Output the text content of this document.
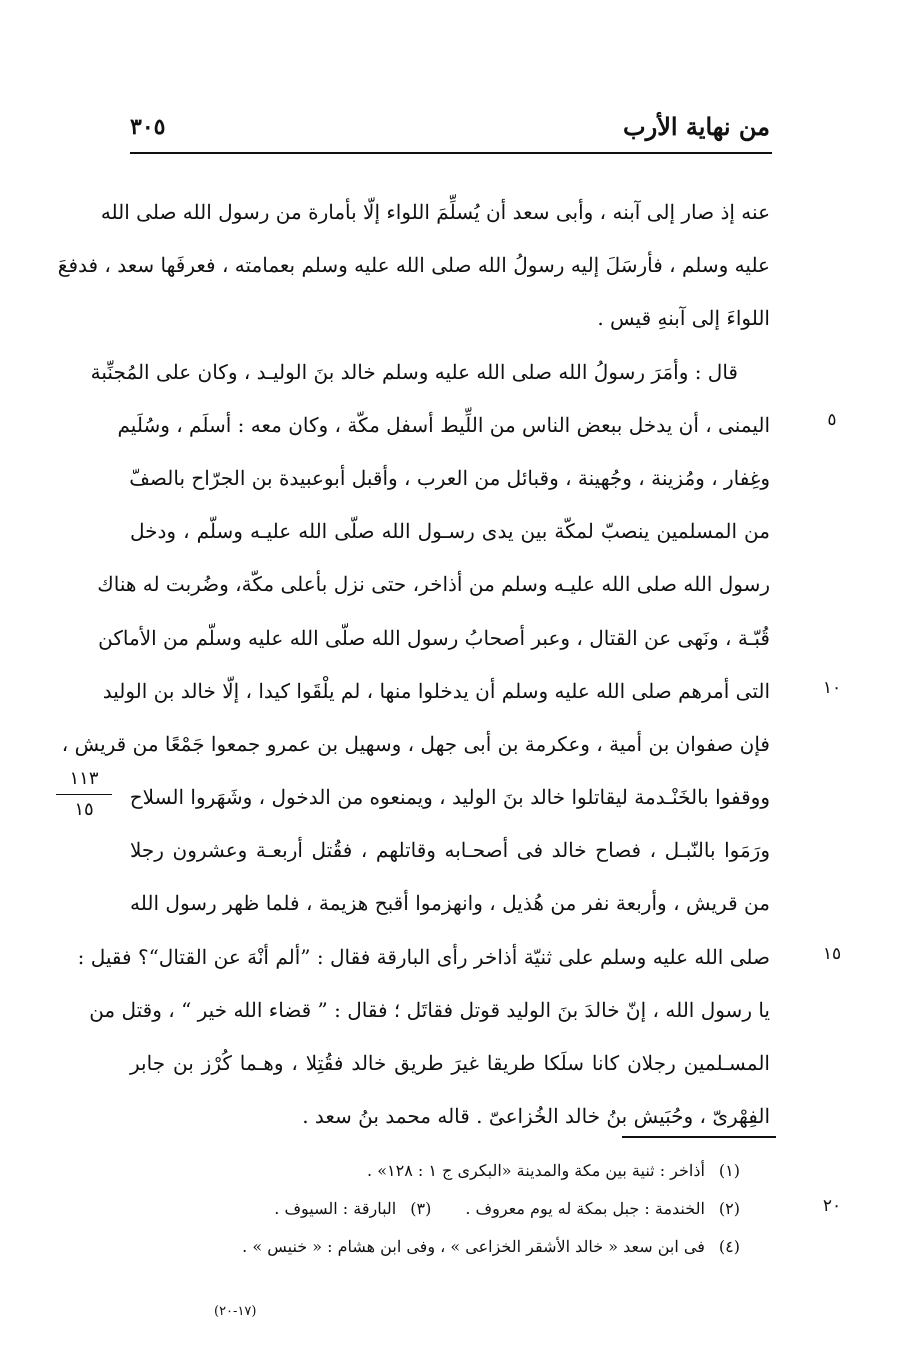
٣٠٥	من نهاية الأرب
عنه إذ صار إلى آبنه ، وأبى سعد أن يُسلِّمَ اللواء إلّا بأمارة من رسول الله صلى الله
عليه وسلم ، فأرسَلَ إليه رسولُ الله صلى الله عليه وسلم بعمامته ، فعرفَها سعد ، فدفعَ
اللواءَ إلى آبنهِ قيس .
قال : وأمَرَ رسولُ الله صلى الله عليه وسلم خالد بنَ الوليـد ، وكان على المُجنِّبة
اليمنى ، أن يدخل ببعض الناس من اللِّيط أسفل مكّة ، وكان معه : أسلَم ، وسُلَيم
وغِفار ، ومُزينة ، وجُهينة ، وقبائل من العرب ، وأقبل أبوعبيدة بن الجرّاح بالصفّ
من المسلمين ينصبّ لمكّة بين يدى رسـول الله صلّى الله عليـه وسلّم ، ودخل
رسول الله صلى الله عليـه وسلم من أذاخر، حتى نزل بأعلى مكّة، وضُربت له هناك
قُبّـة ، ونَهى عن القتال ، وعبر أصحابُ رسول الله صلّى الله عليه وسلّم من الأماكن
التى أمرهم صلى الله عليه وسلم أن يدخلوا منها ، لم يلْقَوا كيدا ، إلّا خالد بن الوليد
فإن صفوان بن أمية ، وعكرمة بن أبى جهل ، وسهيل بن عمرو جمعوا جَمْعًا من قريش ،
ووقفوا بالخَنْـدمة ليقاتلوا خالد بنَ الوليد ، ويمنعوه من الدخول ، وشَهَروا السلاح
ورَمَوا بالنّبـل ، فصاح خالد فى أصحـابه وقاتلهم ، فقُتل أربعـة وعشرون رجلا
من قريش ، وأربعة نفر من هُذيل ، وانهزموا أقبح هزيمة ، فلما ظهر رسول الله
صلى الله عليه وسلم على ثنيّة أذاخر رأى البارقة فقال : ”ألم أنْهَ عن القتال“؟ فقيل :
يا رسول الله ، إنّ خالدَ بنَ الوليد قوتل فقاتَل ؛ فقال : ” قضاء الله خير “ ، وقتل من
المسـلمين رجلان كانا سلَكا طريقا غيرَ طريق خالد فقُتِلا ، وهـما كُرْز بن جابر
الفِهْرىّ ، وحُبَيش بنُ خالد الخُزاعىّ . قاله محمد بنُ سعد .
٥
١٠
١٥
٢٠
١١٣
١٥
(١)أذاخر : ثنية بين مكة والمدينة «البكرى ج ١ : ١٢٨» .
(٢)الخندمة : جبل بمكة له يوم معروف .(٣)البارقة : السيوف .
(٤)فى ابن سعد « خالد الأشقر الخزاعى » ، وفى ابن هشام : « خنيس » .
(١٧-٢٠)
